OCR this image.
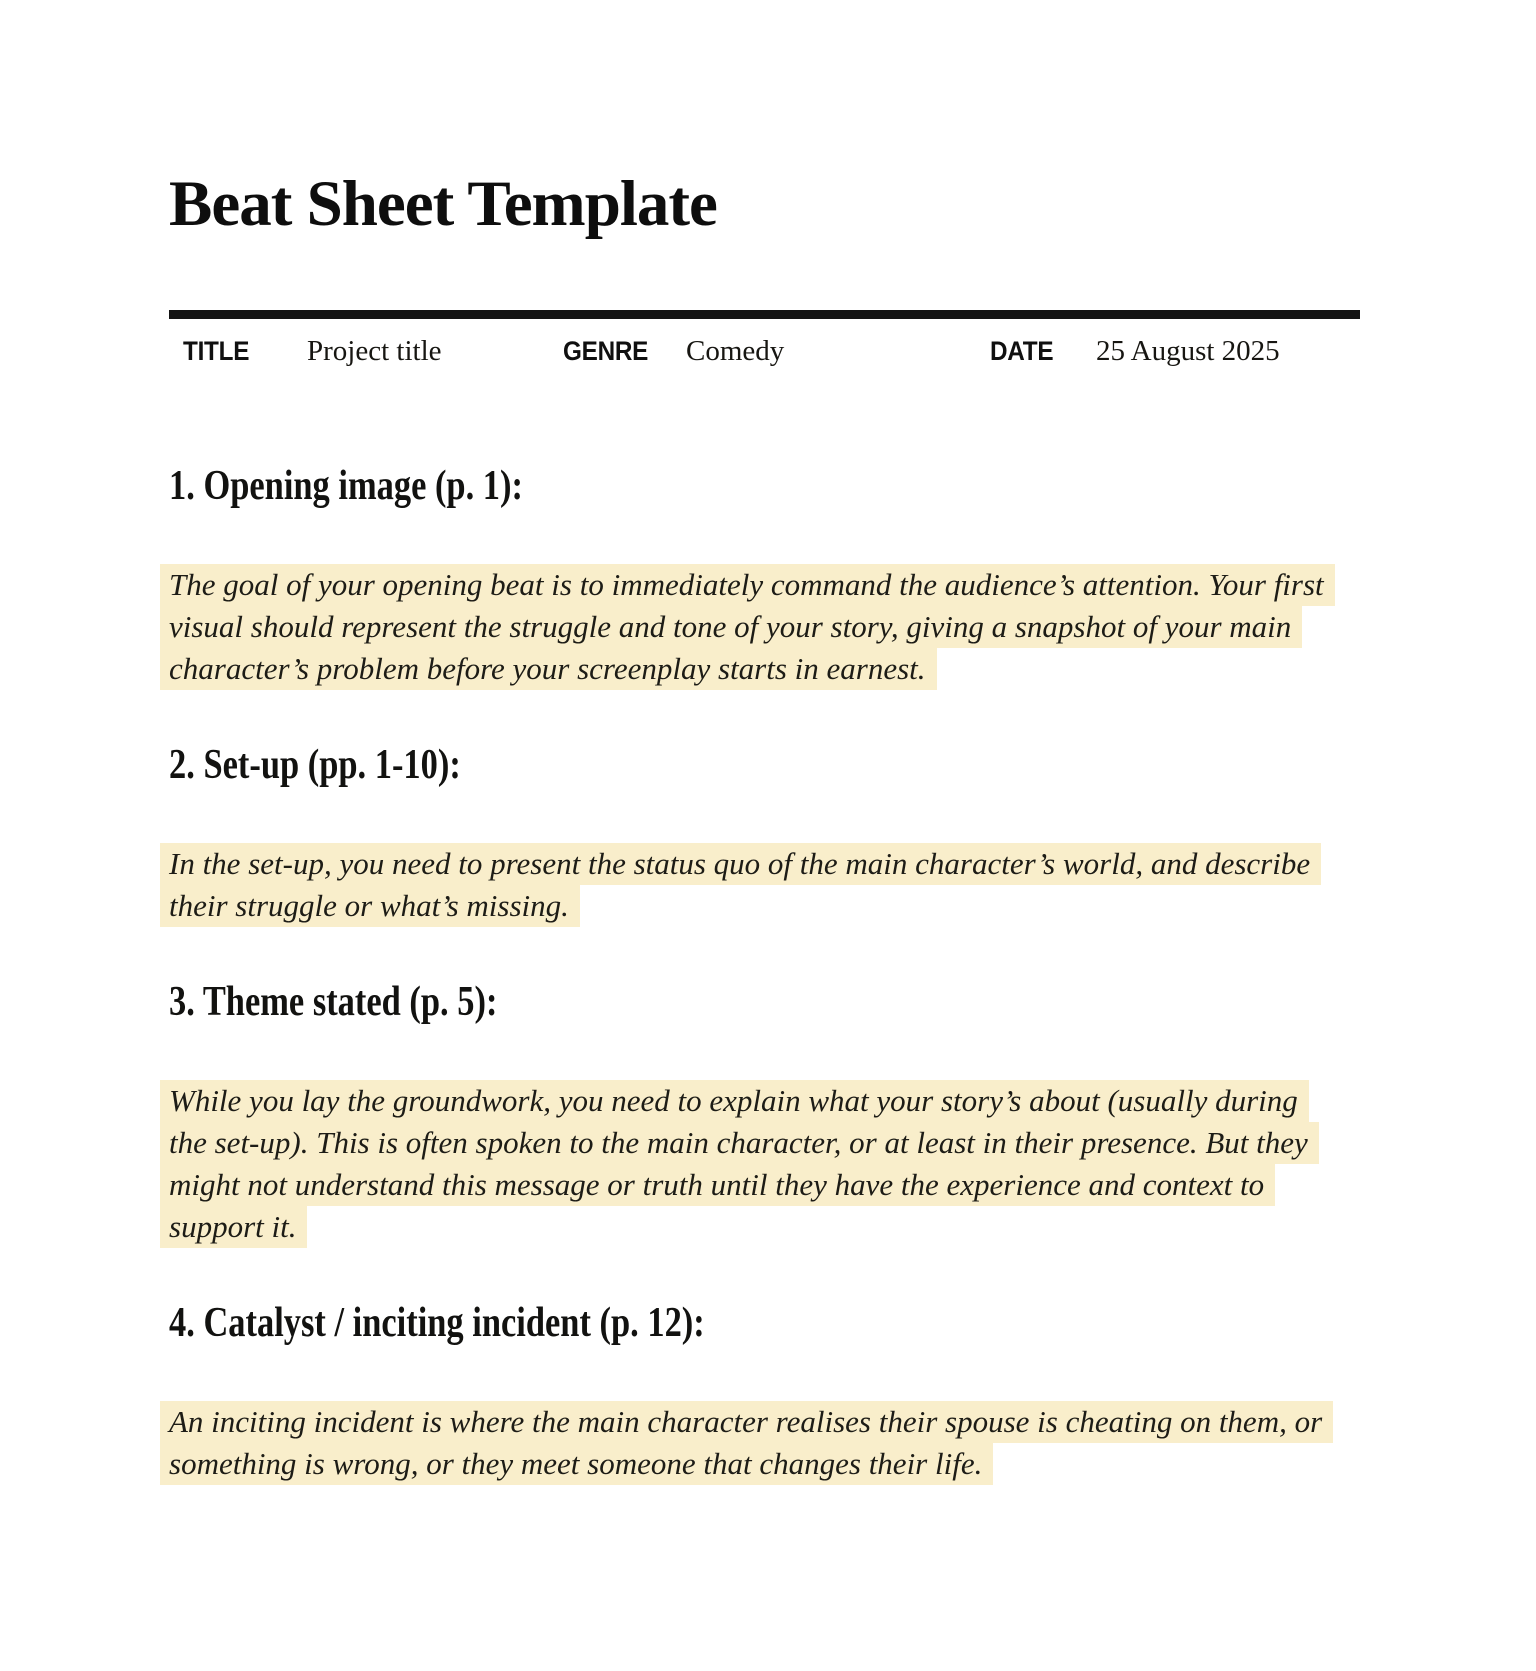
Beat Sheet Template
TITLE Project title	GENRE Comedy	DATE 25 August 2025
1. Opening image (p. 1):
The goal of your opening beat is to immediately command the audience’s attention. Your first
visual should represent the struggle and tone of your story, giving a snapshot of your main
character’s problem before your screenplay starts in earnest.
2. Set-up (pp. 1-10):
In the set-up, you need to present the status quo of the main character’s world, and describe
their struggle or what’s missing.
3. Theme stated (p. 5):
While you lay the groundwork, you need to explain what your story’s about (usually during
the set-up). This is often spoken to the main character, or at least in their presence. But they
might not understand this message or truth until they have the experience and context to
support it.
4. Catalyst / inciting incident (p. 12):
An inciting incident is where the main character realises their spouse is cheating on them, or
something is wrong, or they meet someone that changes their life.
